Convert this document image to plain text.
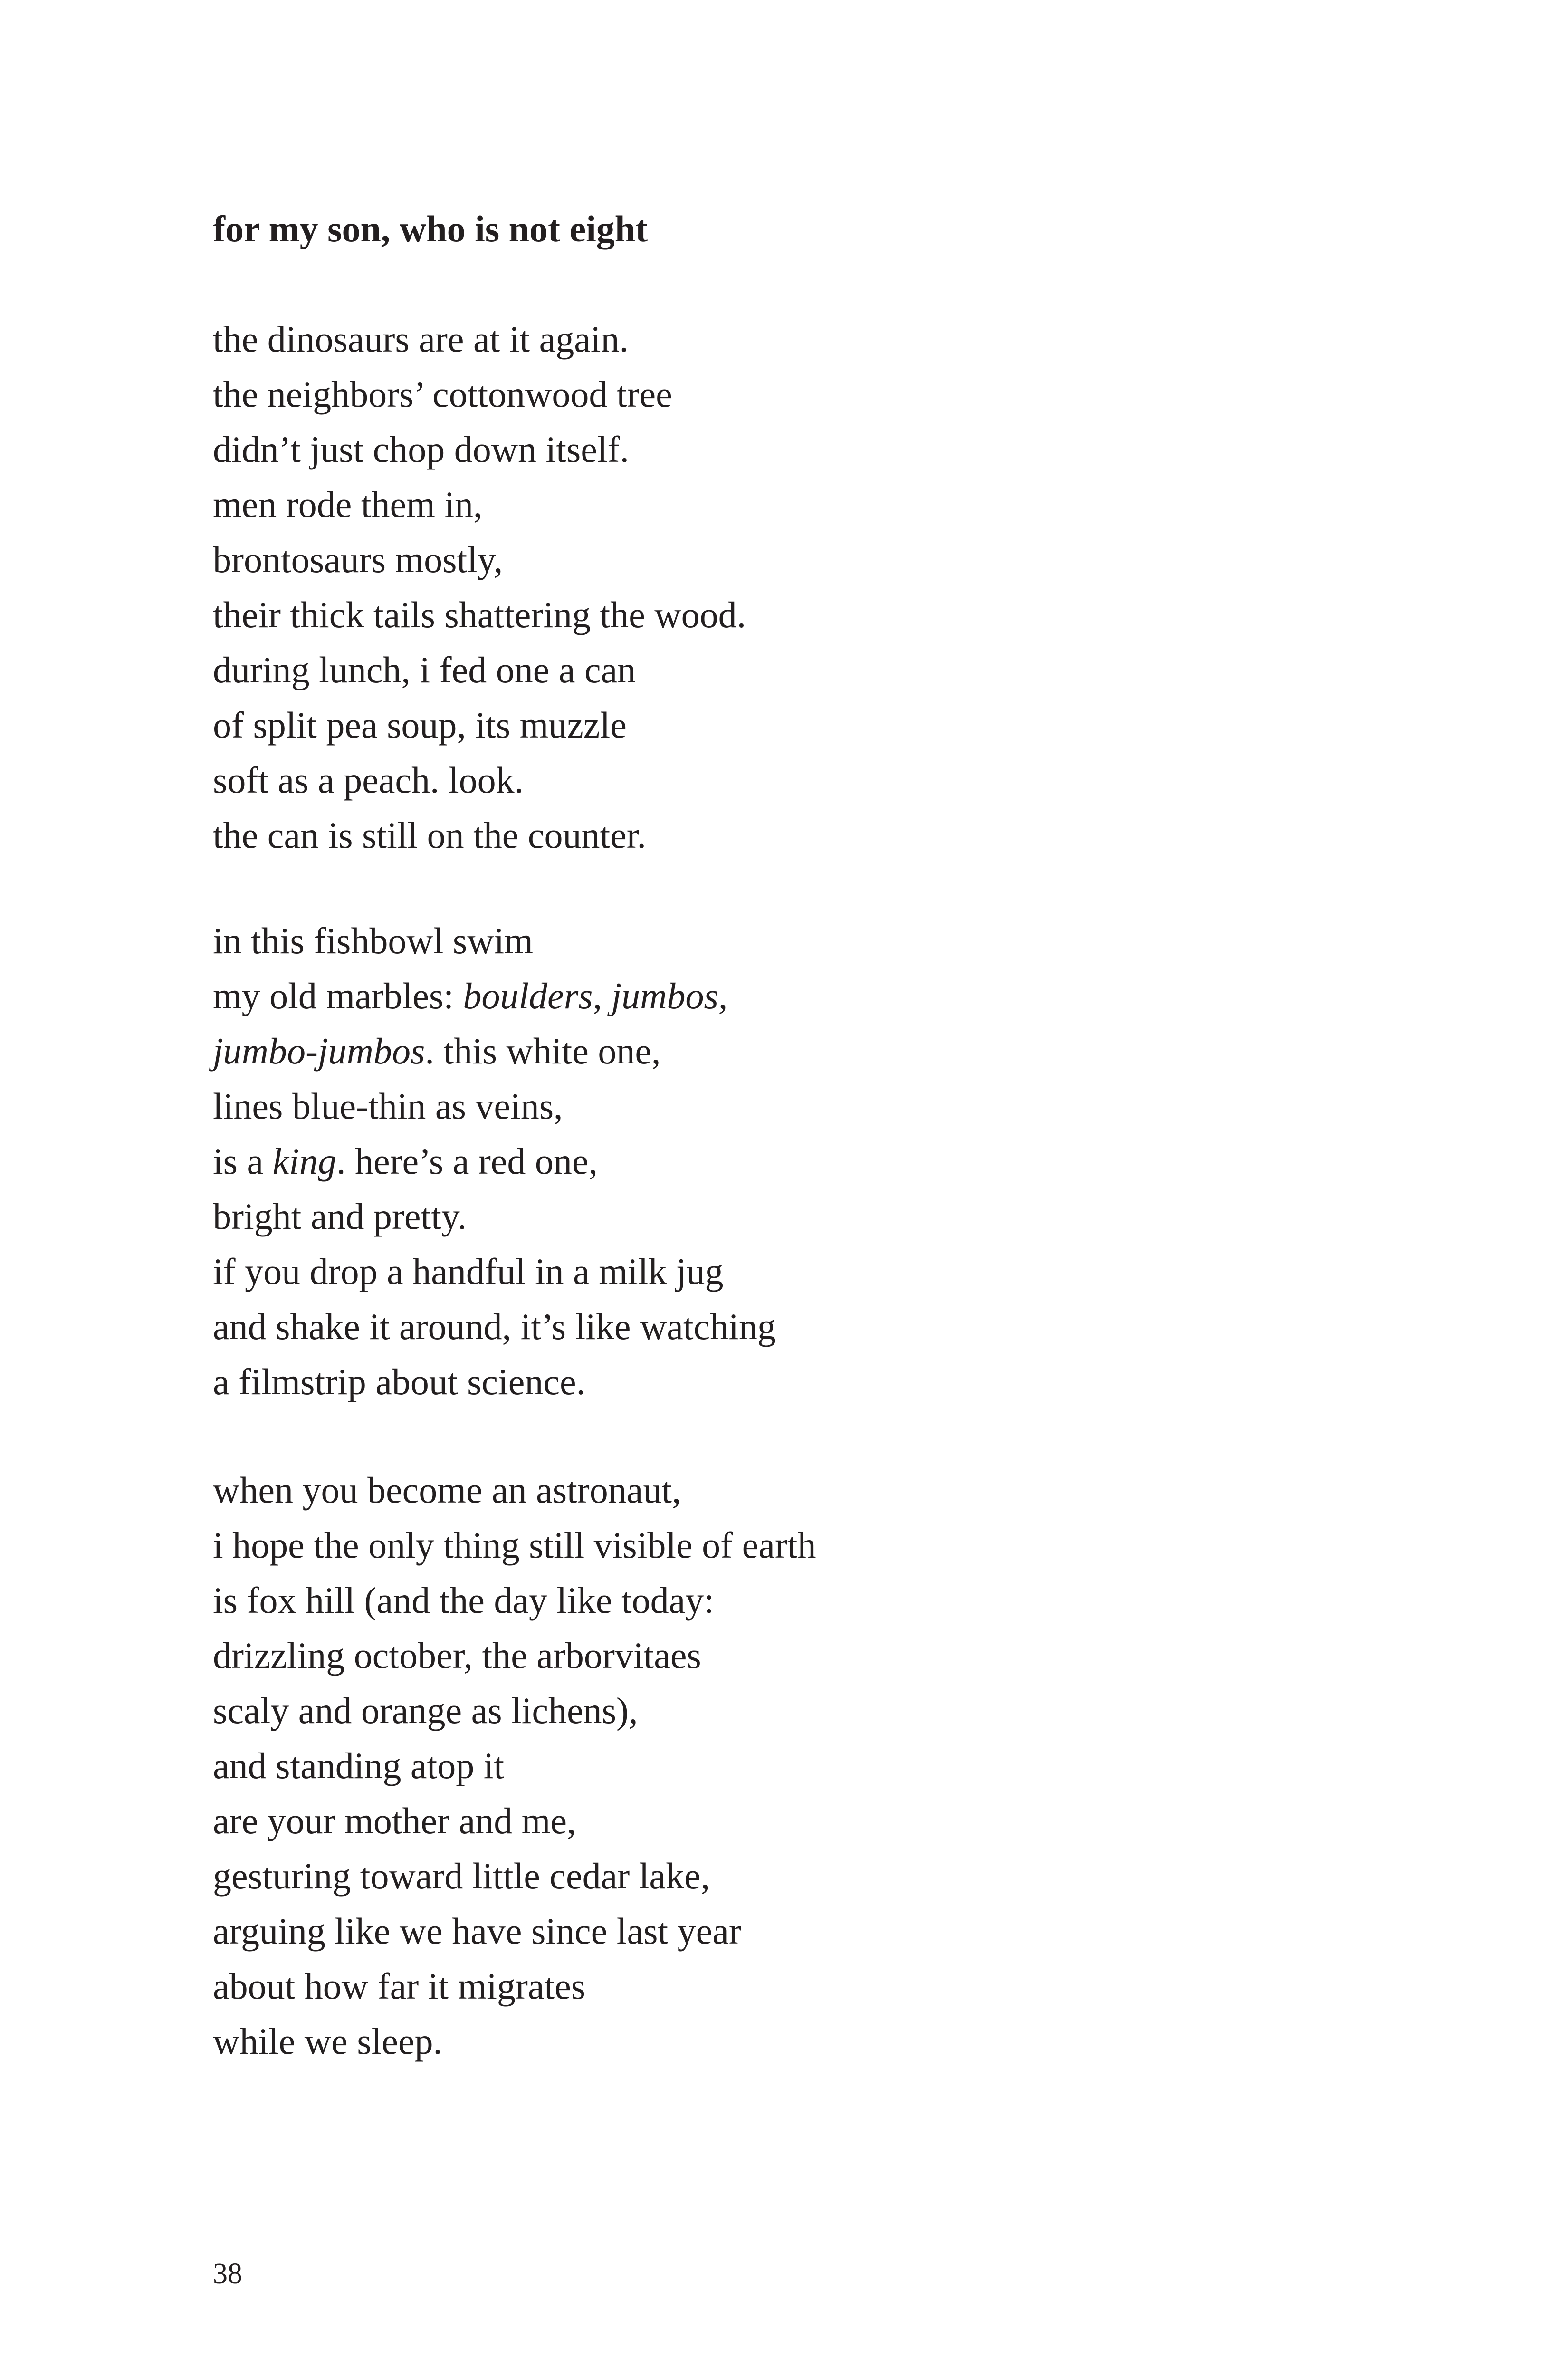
for my son, who is not eight
the dinosaurs are at it again.
the neighbors’ cottonwood tree
didn’t just chop down itself.
men rode them in,
brontosaurs mostly,
their thick tails shattering the wood.
during lunch, i fed one a can
of split pea soup, its muzzle
soft as a peach. look.
the can is still on the counter.
in this fishbowl swim
my old marbles: boulders, jumbos,
jumbo-jumbos. this white one,
lines blue-thin as veins,
is a king. here’s a red one,
bright and pretty.
if you drop a handful in a milk jug
and shake it around, it’s like watching
a filmstrip about science.
when you become an astronaut,
i hope the only thing still visible of earth
is fox hill (and the day like today:
drizzling october, the arborvitaes
scaly and orange as lichens),
and standing atop it
are your mother and me,
gesturing toward little cedar lake,
arguing like we have since last year
about how far it migrates
while we sleep.
38
